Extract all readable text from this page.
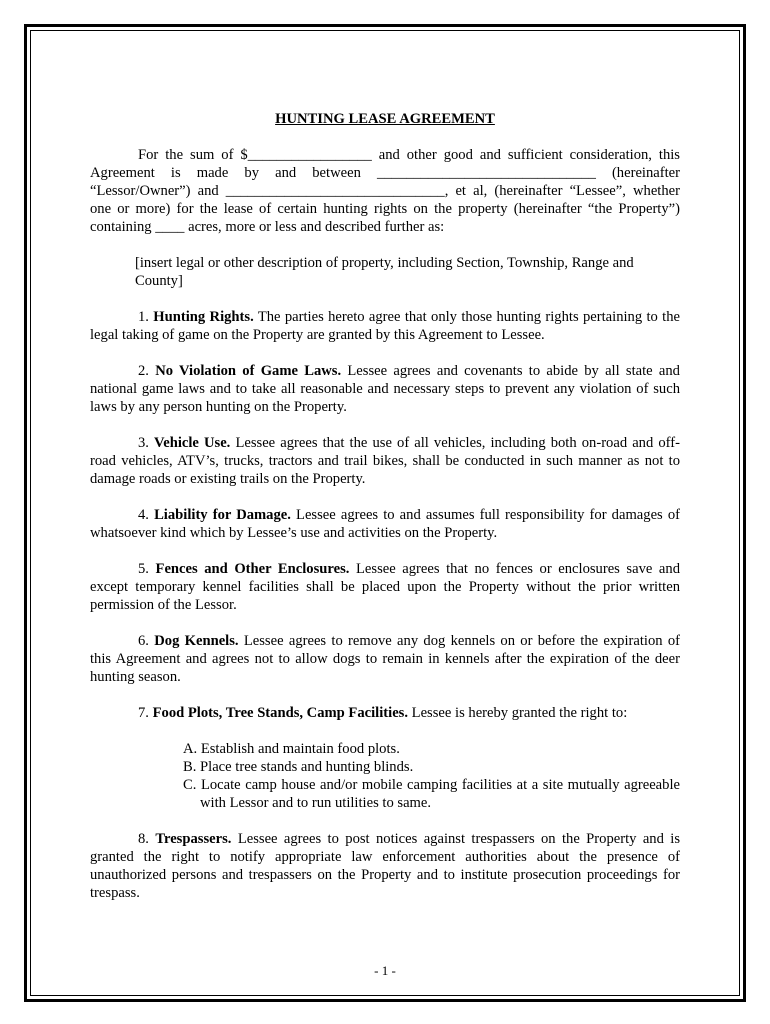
HUNTING LEASE AGREEMENT

For the sum of $_________________ and other good and sufficient consideration, this Agreement is made by and between ______________________________ (hereinafter “Lessor/Owner”) and ______________________________, et al, (hereinafter “Lessee”, whether one or more) for the lease of certain hunting rights on the property (hereinafter “the Property”) containing ____ acres, more or less and described further as:

[insert legal or other description of property, including Section, Township, Range and County]

1. Hunting Rights. The parties hereto agree that only those hunting rights pertaining to the legal taking of game on the Property are granted by this Agreement to Lessee.

2. No Violation of Game Laws. Lessee agrees and covenants to abide by all state and national game laws and to take all reasonable and necessary steps to prevent any violation of such laws by any person hunting on the Property.

3. Vehicle Use. Lessee agrees that the use of all vehicles, including both on-road and off-road vehicles, ATV’s, trucks, tractors and trail bikes, shall be conducted in such manner as not to damage roads or existing trails on the Property.

4. Liability for Damage. Lessee agrees to and assumes full responsibility for damages of whatsoever kind which by Lessee’s use and activities on the Property.

5. Fences and Other Enclosures. Lessee agrees that no fences or enclosures save and except temporary kennel facilities shall be placed upon the Property without the prior written permission of the Lessor.

6. Dog Kennels. Lessee agrees to remove any dog kennels on or before the expiration of this Agreement and agrees not to allow dogs to remain in kennels after the expiration of the deer hunting season.

7. Food Plots, Tree Stands, Camp Facilities. Lessee is hereby granted the right to:

A. Establish and maintain food plots.
B. Place tree stands and hunting blinds.
C. Locate camp house and/or mobile camping facilities at a site mutually agreeable with Lessor and to run utilities to same.

8. Trespassers. Lessee agrees to post notices against trespassers on the Property and is granted the right to notify appropriate law enforcement authorities about the presence of unauthorized persons and trespassers on the Property and to institute prosecution proceedings for trespass.

- 1 -
